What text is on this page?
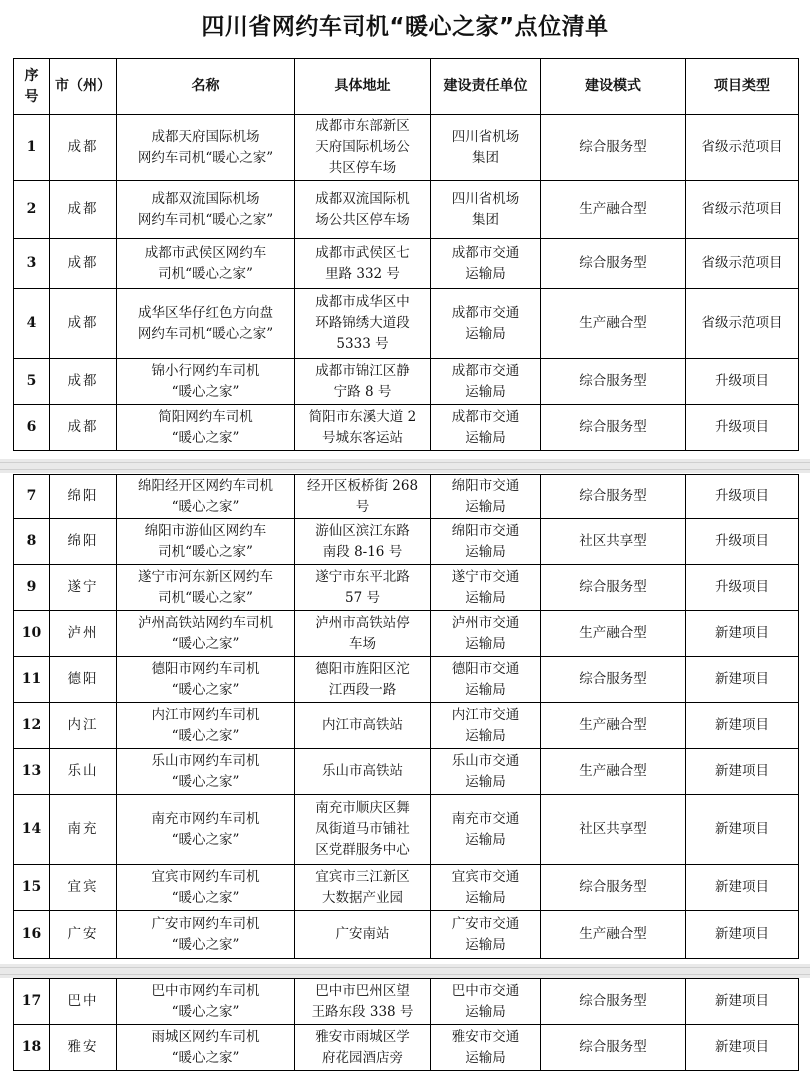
四川省网约车司机“暖心之家”点位清单
序
号	市（州）	名称	具体地址	建设责任单位	建设模式	项目类型

1	成都	成都天府国际机场
网约车司机“暖心之家”	成都市东部新区
天府国际机场公
共区停车场	四川省机场
集团	综合服务型	省级示范项目

2	成都	成都双流国际机场
网约车司机“暖心之家”	成都双流国际机
场公共区停车场	四川省机场
集团	生产融合型	省级示范项目

3	成都	成都市武侯区网约车
司机“暖心之家”	成都市武侯区七
里路 332 号	成都市交通
运输局	综合服务型	省级示范项目

4	成都	成华区华仔红色方向盘
网约车司机“暖心之家”	成都市成华区中
环路锦绣大道段
5333 号	成都市交通
运输局	生产融合型	省级示范项目

5	成都	锦小行网约车司机
“暖心之家”	成都市锦江区静
宁路 8 号	成都市交通
运输局	综合服务型	升级项目

6	成都	简阳网约车司机
“暖心之家”	简阳市东溪大道 2
号城东客运站	成都市交通
运输局	综合服务型	升级项目
7	绵阳	绵阳经开区网约车司机
“暖心之家”	经开区板桥街 268
号	绵阳市交通
运输局	综合服务型	升级项目

8	绵阳	绵阳市游仙区网约车
司机“暖心之家”	游仙区滨江东路
南段 8-16 号	绵阳市交通
运输局	社区共享型	升级项目

9	遂宁	遂宁市河东新区网约车
司机“暖心之家”	遂宁市东平北路
57 号	遂宁市交通
运输局	综合服务型	升级项目

10	泸州	泸州高铁站网约车司机
“暖心之家”	泸州市高铁站停
车场	泸州市交通
运输局	生产融合型	新建项目

11	德阳	德阳市网约车司机
“暖心之家”	德阳市旌阳区沱
江西段一路	德阳市交通
运输局	综合服务型	新建项目

12	内江	内江市网约车司机
“暖心之家”	内江市高铁站	内江市交通
运输局	生产融合型	新建项目

13	乐山	乐山市网约车司机
“暖心之家”	乐山市高铁站	乐山市交通
运输局	生产融合型	新建项目

14	南充	南充市网约车司机
“暖心之家”	南充市顺庆区舞
凤街道马市铺社
区党群服务中心	南充市交通
运输局	社区共享型	新建项目

15	宜宾	宜宾市网约车司机
“暖心之家”	宜宾市三江新区
大数据产业园	宜宾市交通
运输局	综合服务型	新建项目

16	广安	广安市网约车司机
“暖心之家”	广安南站	广安市交通
运输局	生产融合型	新建项目
17	巴中	巴中市网约车司机
“暖心之家”	巴中市巴州区望
王路东段 338 号	巴中市交通
运输局	综合服务型	新建项目

18	雅安	雨城区网约车司机
“暖心之家”	雅安市雨城区学
府花园酒店旁	雅安市交通
运输局	综合服务型	新建项目
